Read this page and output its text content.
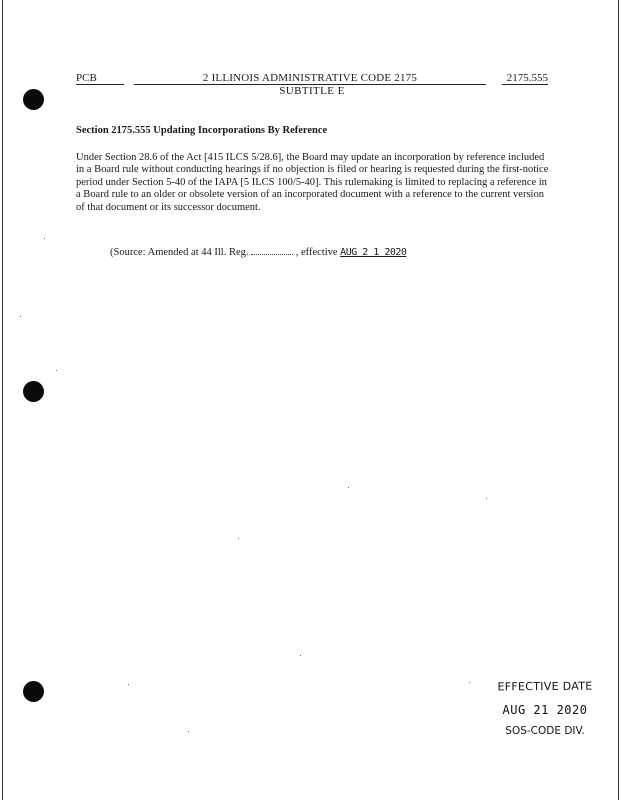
PCB	2 ILLINOIS ADMINISTRATIVE CODE 2175	2175.555
SUBTITLE E
Section 2175.555 Updating Incorporations By Reference
Under Section 28.6 of the Act [415 ILCS 5/28.6], the Board may update an incorporation by reference included in a Board rule without conducting hearings if no objection is filed or hearing is requested during the first-notice period under Section 5-40 of the IAPA [5 ILCS 100/5-40]. This rulemaking is limited to replacing a reference in a Board rule to an older or obsolete version of an incorporated document with a reference to the current version of that document or its successor document.
(Source: Amended at 44 Ill. Reg.	, effective AUG 2 1 2020
EFFECTIVE DATE
AUG 21 2020
SOS-CODE DIV.
